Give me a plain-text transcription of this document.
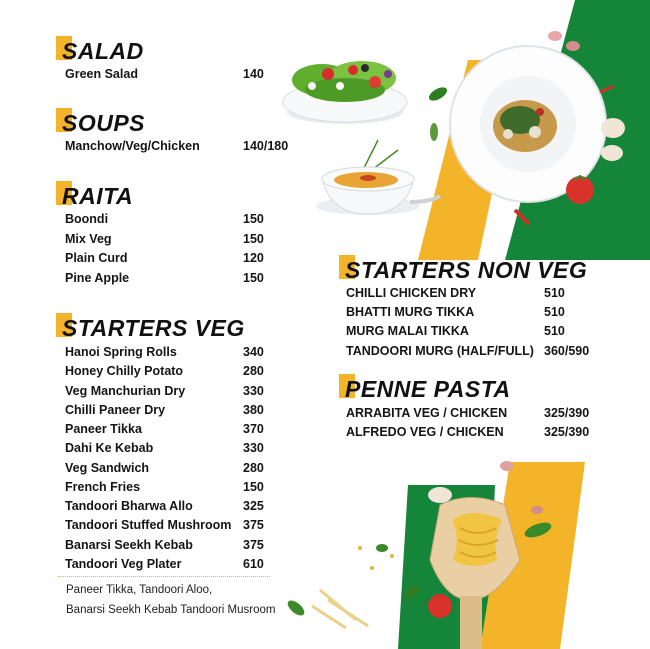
SALAD
Green Salad	140
SOUPS
Manchow/Veg/Chicken	140/180
RAITA
Boondi	150
Mix Veg	150
Plain Curd	120
Pine Apple	150
STARTERS VEG
Hanoi Spring Rolls	340
Honey Chilly Potato	280
Veg Manchurian Dry	330
Chilli Paneer Dry	380
Paneer Tikka	370
Dahi Ke Kebab	330
Veg Sandwich	280
French Fries	150
Tandoori Bharwa Allo	325
Tandoori Stuffed Mushroom 375
Banarsi Seekh Kebab	375
Tandoori Veg Plater	610
Paneer Tikka, Tandoori Aloo,
Banarsi Seekh Kebab Tandoori Musroom
STARTERS NON VEG
CHILLI CHICKEN DRY	510
BHATTI MURG TIKKA	510
MURG MALAI TIKKA	510
TANDOORI MURG (HALF/FULL) 360/590
PENNE PASTA
ARRABITA VEG / CHICKEN	325/390
ALFREDO VEG / CHICKEN	325/390
